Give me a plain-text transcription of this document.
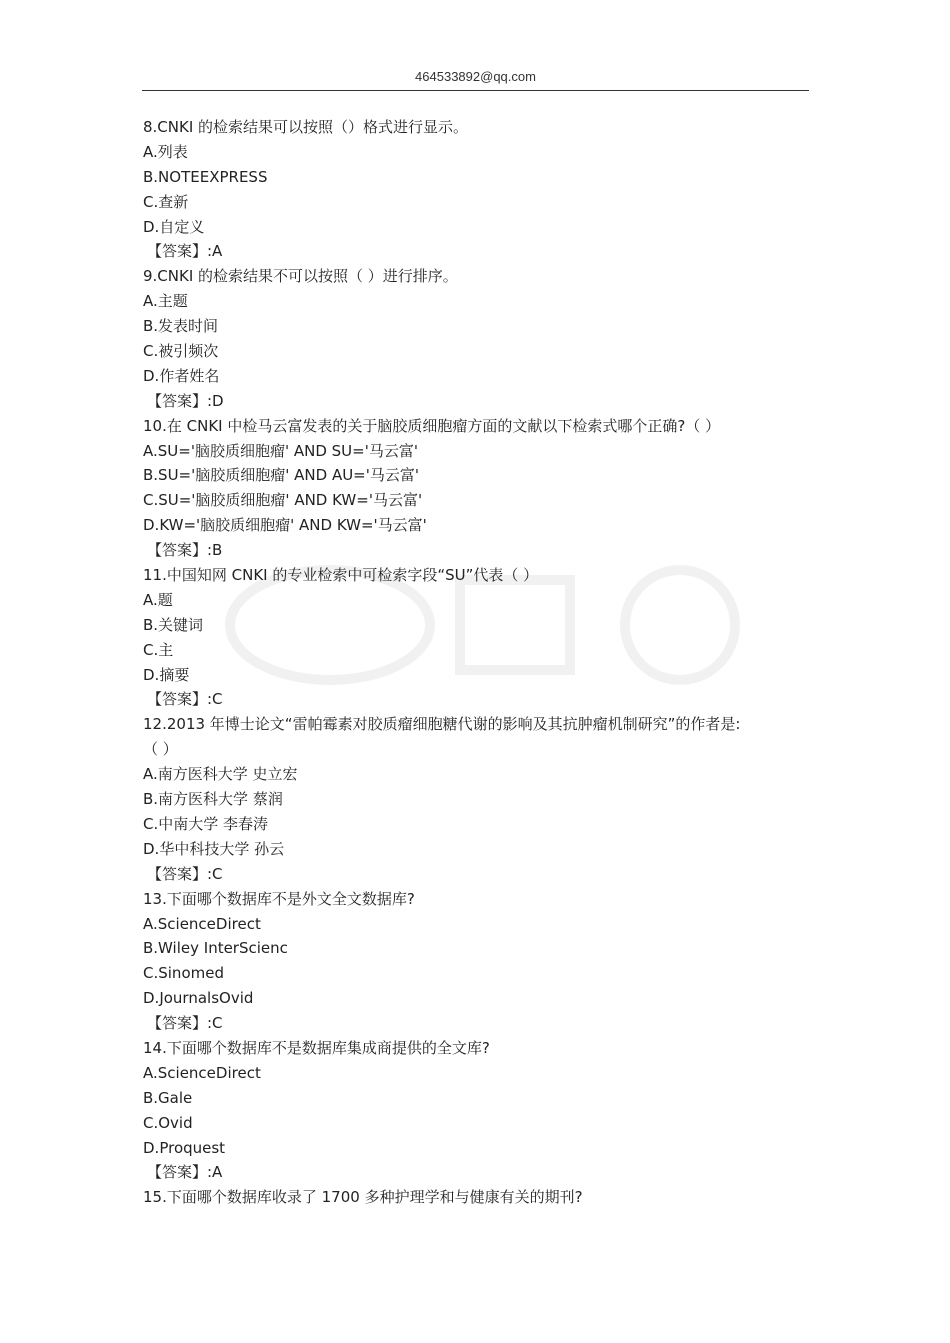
464533892@qq.com
8.CNKI 的检索结果可以按照（）格式进行显示。
A.列表
B.NOTEEXPRESS
C.查新
D.自定义
【答案】:A
9.CNKI 的检索结果不可以按照（ ）进行排序。
A.主题
B.发表时间
C.被引频次
D.作者姓名
【答案】:D
10.在 CNKI 中检马云富发表的关于脑胶质细胞瘤方面的文献以下检索式哪个正确?（ ）
A.SU='脑胶质细胞瘤' AND SU='马云富'
B.SU='脑胶质细胞瘤' AND AU='马云富'
C.SU='脑胶质细胞瘤' AND KW='马云富'
D.KW='脑胶质细胞瘤' AND KW='马云富'
【答案】:B
11.中国知网 CNKI 的专业检索中可检索字段“SU”代表（ ）
A.题
B.关键词
C.主
D.摘要
【答案】:C
12.2013 年博士论文“雷帕霉素对胶质瘤细胞糖代谢的影响及其抗肿瘤机制研究”的作者是:
（ ）
A.南方医科大学 史立宏
B.南方医科大学 蔡润
C.中南大学 李春涛
D.华中科技大学 孙云
【答案】:C
13.下面哪个数据库不是外文全文数据库?
A.ScienceDirect
B.Wiley InterScienc
C.Sinomed
D.JournalsOvid
【答案】:C
14.下面哪个数据库不是数据库集成商提供的全文库?
A.ScienceDirect
B.Gale
C.Ovid
D.Proquest
【答案】:A
15.下面哪个数据库收录了 1700 多种护理学和与健康有关的期刊?
